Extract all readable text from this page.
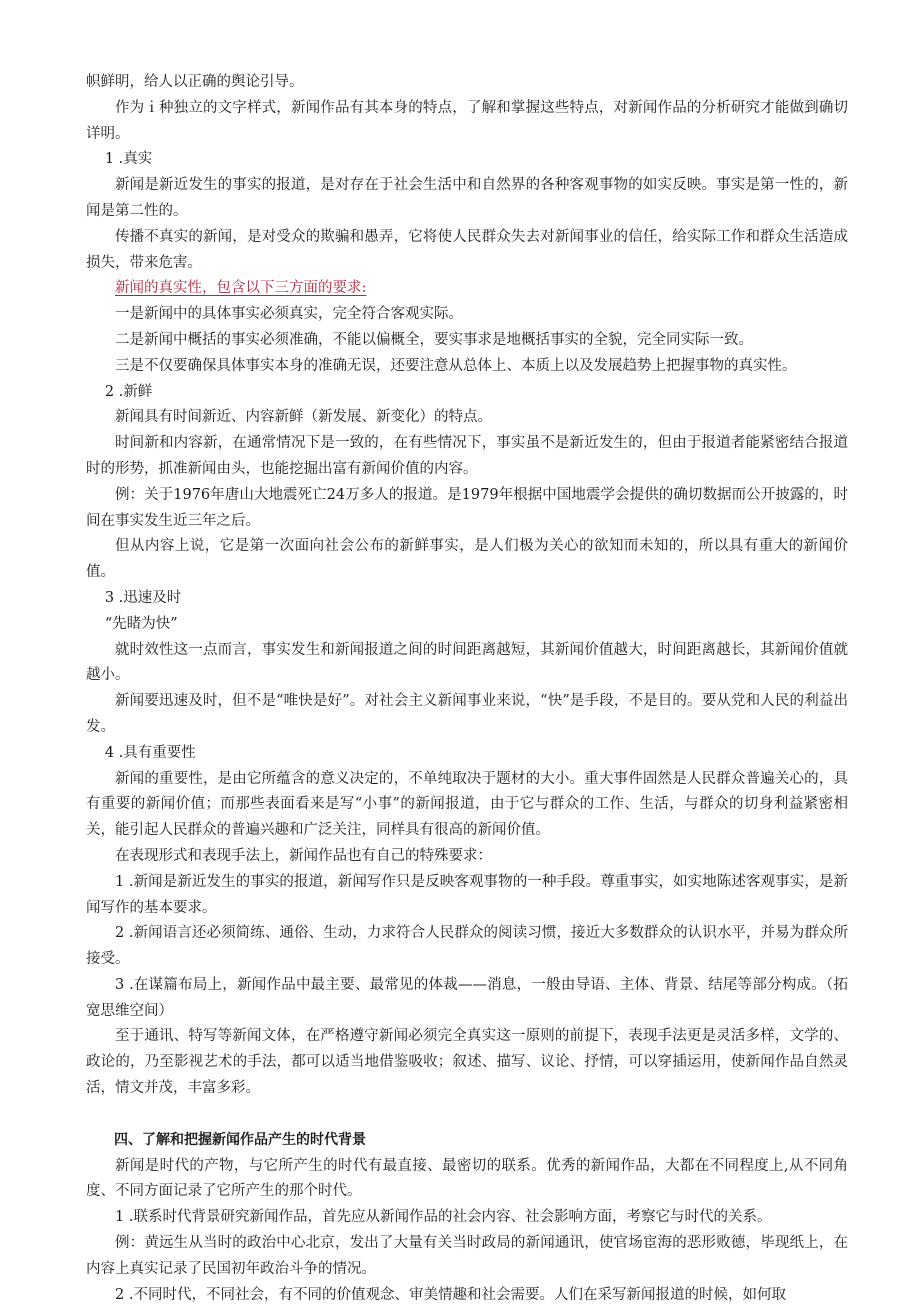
帜鲜明，给人以正确的舆论引导。

作为ｉ种独立的文字样式，新闻作品有其本身的特点，了解和掌握这些特点，对新闻作品的分析研究才能做到确切详明。

1 .真实

新闻是新近发生的事实的报道，是对存在于社会生活中和自然界的各种客观事物的如实反映。事实是第一性的，新闻是第二性的。

传播不真实的新闻，是对受众的欺骗和愚弄，它将使人民群众失去对新闻事业的信任，给实际工作和群众生活造成损失，带来危害。

新闻的真实性，包含以下三方面的要求:

一是新闻中的具体事实必须真实，完全符合客观实际。

二是新闻中概括的事实必须准确，不能以偏概全，要实事求是地概括事实的全貌，完全同实际一致。

三是不仅要确保具体事实本身的准确无误，还要注意从总体上、本质上以及发展趋势上把握事物的真实性。

2 .新鲜

新闻具有时间新近、内容新鲜（新发展、新变化）的特点。

时间新和内容新，在通常情况下是一致的，在有些情况下，事实虽不是新近发生的，但由于报道者能紧密结合报道时的形势，抓准新闻由头，也能挖掘出富有新闻价值的内容。

例：关于1976年唐山大地震死亡24万多人的报道。是1979年根据中国地震学会提供的确切数据而公开披露的，时间在事实发生近三年之后。

但从内容上说，它是第一次面向社会公布的新鲜事实，是人们极为关心的欲知而未知的，所以具有重大的新闻价值。

3 .迅速及时

“先睹为快”

就时效性这一点而言，事实发生和新闻报道之间的时间距离越短，其新闻价值越大，时间距离越长，其新闻价值就越小。

新闻要迅速及时，但不是“唯快是好”。对社会主义新闻事业来说，“快”是手段，不是目的。要从党和人民的利益出发。

4 .具有重要性

新闻的重要性，是由它所蕴含的意义决定的，不单纯取决于题材的大小。重大事件固然是人民群众普遍关心的，具有重要的新闻价值；而那些表面看来是写“小事”的新闻报道，由于它与群众的工作、生活，与群众的切身利益紧密相关，能引起人民群众的普遍兴趣和广泛关注，同样具有很高的新闻价值。

在表现形式和表现手法上，新闻作品也有自己的特殊要求：

1 .新闻是新近发生的事实的报道，新闻写作只是反映客观事物的一种手段。尊重事实，如实地陈述客观事实，是新闻写作的基本要求。

2 .新闻语言还必须简练、通俗、生动，力求符合人民群众的阅读习惯，接近大多数群众的认识水平，并易为群众所接受。

3 .在谋篇布局上，新闻作品中最主要、最常见的体裁——消息，一般由导语、主体、背景、结尾等部分构成。（拓宽思维空间）

至于通讯、特写等新闻文体，在严格遵守新闻必须完全真实这一原则的前提下，表现手法更是灵活多样，文学的、政论的，乃至影视艺术的手法，都可以适当地借鉴吸收；叙述、描写、议论、抒情，可以穿插运用，使新闻作品自然灵活，情文并茂，丰富多彩。

四、了解和把握新闻作品产生的时代背景

新闻是时代的产物，与它所产生的时代有最直接、最密切的联系。优秀的新闻作品，大都在不同程度上,从不同角度、不同方面记录了它所产生的那个时代。

1 .联系时代背景研究新闻作品，首先应从新闻作品的社会内容、社会影响方面，考察它与时代的关系。

例：黄远生从当时的政治中心北京，发出了大量有关当时政局的新闻通讯，使官场宦海的恶形败德，毕现纸上，在内容上真实记录了民国初年政治斗争的情况。

2 .不同时代，不同社会，有不同的价值观念、审美情趣和社会需要。人们在采写新闻报道的时候，如何取
